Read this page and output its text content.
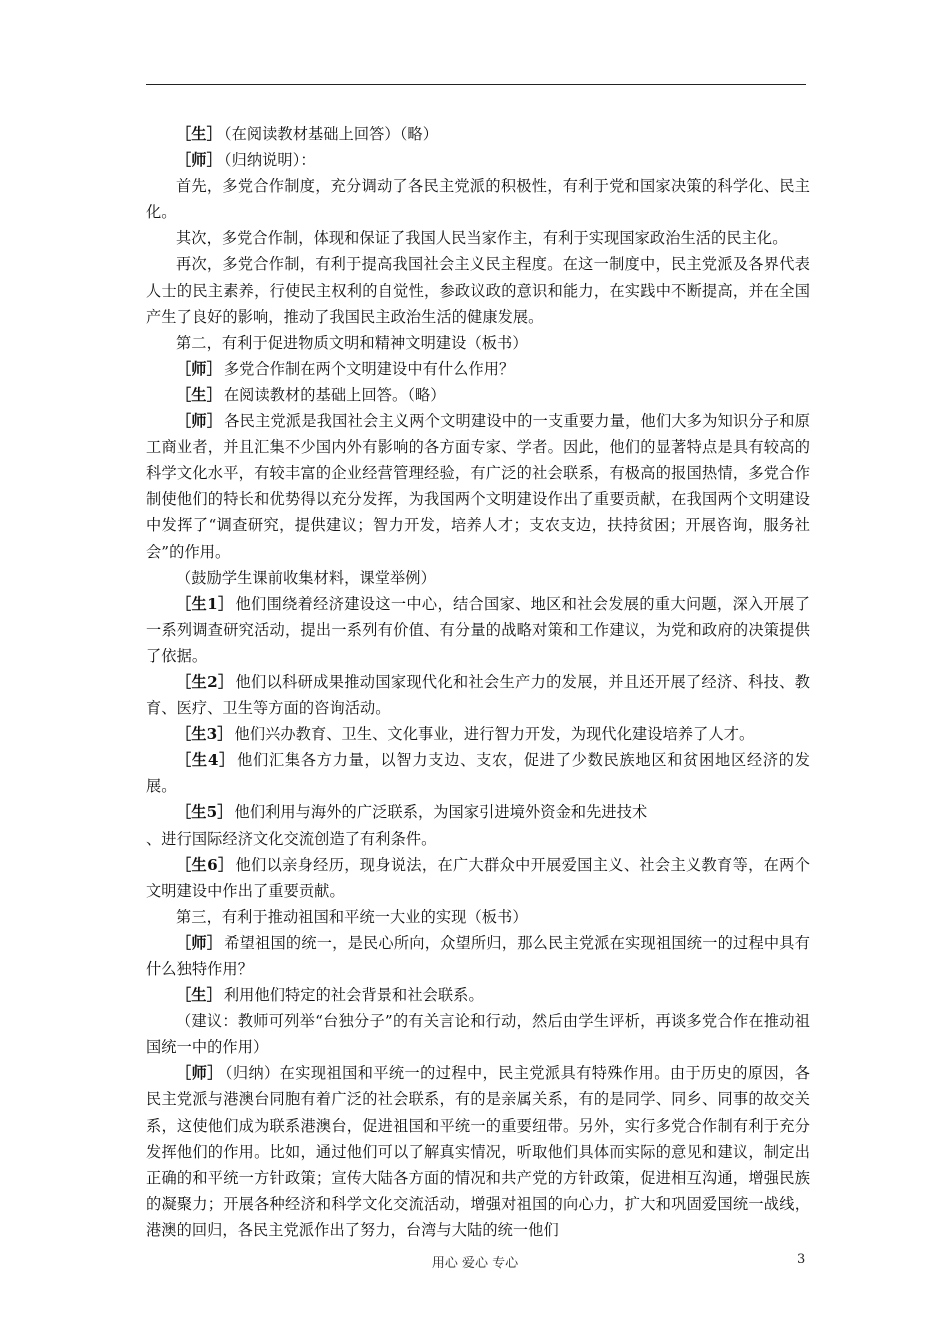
［生］ （在阅读教材基础上回答）（略）

［师］ （归纳说明）：

首先，多党合作制度，充分调动了各民主党派的积极性，有利于党和国家决策的科学化、民主化。

其次，多党合作制，体现和保证了我国人民当家作主，有利于实现国家政治生活的民主化。

再次，多党合作制，有利于提高我国社会主义民主程度。在这一制度中，民主党派及各界代表人士的民主素养，行使民主权利的自觉性，参政议政的意识和能力，在实践中不断提高，并在全国产生了良好的影响，推动了我国民主政治生活的健康发展。

第二，有利于促进物质文明和精神文明建设（板书）

［师］ 多党合作制在两个文明建设中有什么作用？

［生］ 在阅读教材的基础上回答。（略）

［师］ 各民主党派是我国社会主义两个文明建设中的一支重要力量，他们大多为知识分子和原工商业者，并且汇集不少国内外有影响的各方面专家、学者。因此，他们的显著特点是具有较高的科学文化水平，有较丰富的企业经营管理经验，有广泛的社会联系，有极高的报国热情，多党合作制使他们的特长和优势得以充分发挥，为我国两个文明建设作出了重要贡献，在我国两个文明建设中发挥了“调查研究，提供建议；智力开发，培养人才；支农支边，扶持贫困；开展咨询，服务社会”的作用。

（鼓励学生课前收集材料，课堂举例）

［生1］ 他们围绕着经济建设这一中心，结合国家、地区和社会发展的重大问题，深入开展了一系列调查研究活动，提出一系列有价值、有分量的战略对策和工作建议，为党和政府的决策提供了依据。

［生2］ 他们以科研成果推动国家现代化和社会生产力的发展，并且还开展了经济、科技、教育、医疗、卫生等方面的咨询活动。

［生3］ 他们兴办教育、卫生、文化事业，进行智力开发，为现代化建设培养了人才。

［生4］ 他们汇集各方力量，以智力支边、支农，促进了少数民族地区和贫困地区经济的发展。

［生5］ 他们利用与海外的广泛联系，为国家引进境外资金和先进技术

、进行国际经济文化交流创造了有利条件。

［生6］ 他们以亲身经历，现身说法，在广大群众中开展爱国主义、社会主义教育等，在两个文明建设中作出了重要贡献。

第三，有利于推动祖国和平统一大业的实现（板书）

［师］ 希望祖国的统一，是民心所向，众望所归，那么民主党派在实现祖国统一的过程中具有什么独特作用？

［生］ 利用他们特定的社会背景和社会联系。

（建议：教师可列举“台独分子”的有关言论和行动，然后由学生评析，再谈多党合作在推动祖国统一中的作用）

［师］ （归纳）在实现祖国和平统一的过程中，民主党派具有特殊作用。由于历史的原因，各民主党派与港澳台同胞有着广泛的社会联系，有的是亲属关系，有的是同学、同乡、同事的故交关系，这使他们成为联系港澳台，促进祖国和平统一的重要纽带。另外，实行多党合作制有利于充分发挥他们的作用。比如，通过他们可以了解真实情况，听取他们具体而实际的意见和建议，制定出正确的和平统一方针政策；宣传大陆各方面的情况和共产党的方针政策，促进相互沟通，增强民族的凝聚力；开展各种经济和科学文化交流活动，增强对祖国的向心力，扩大和巩固爱国统一战线，港澳的回归，各民主党派作出了努力，台湾与大陆的统一他们

用心 爱心 专心	3
